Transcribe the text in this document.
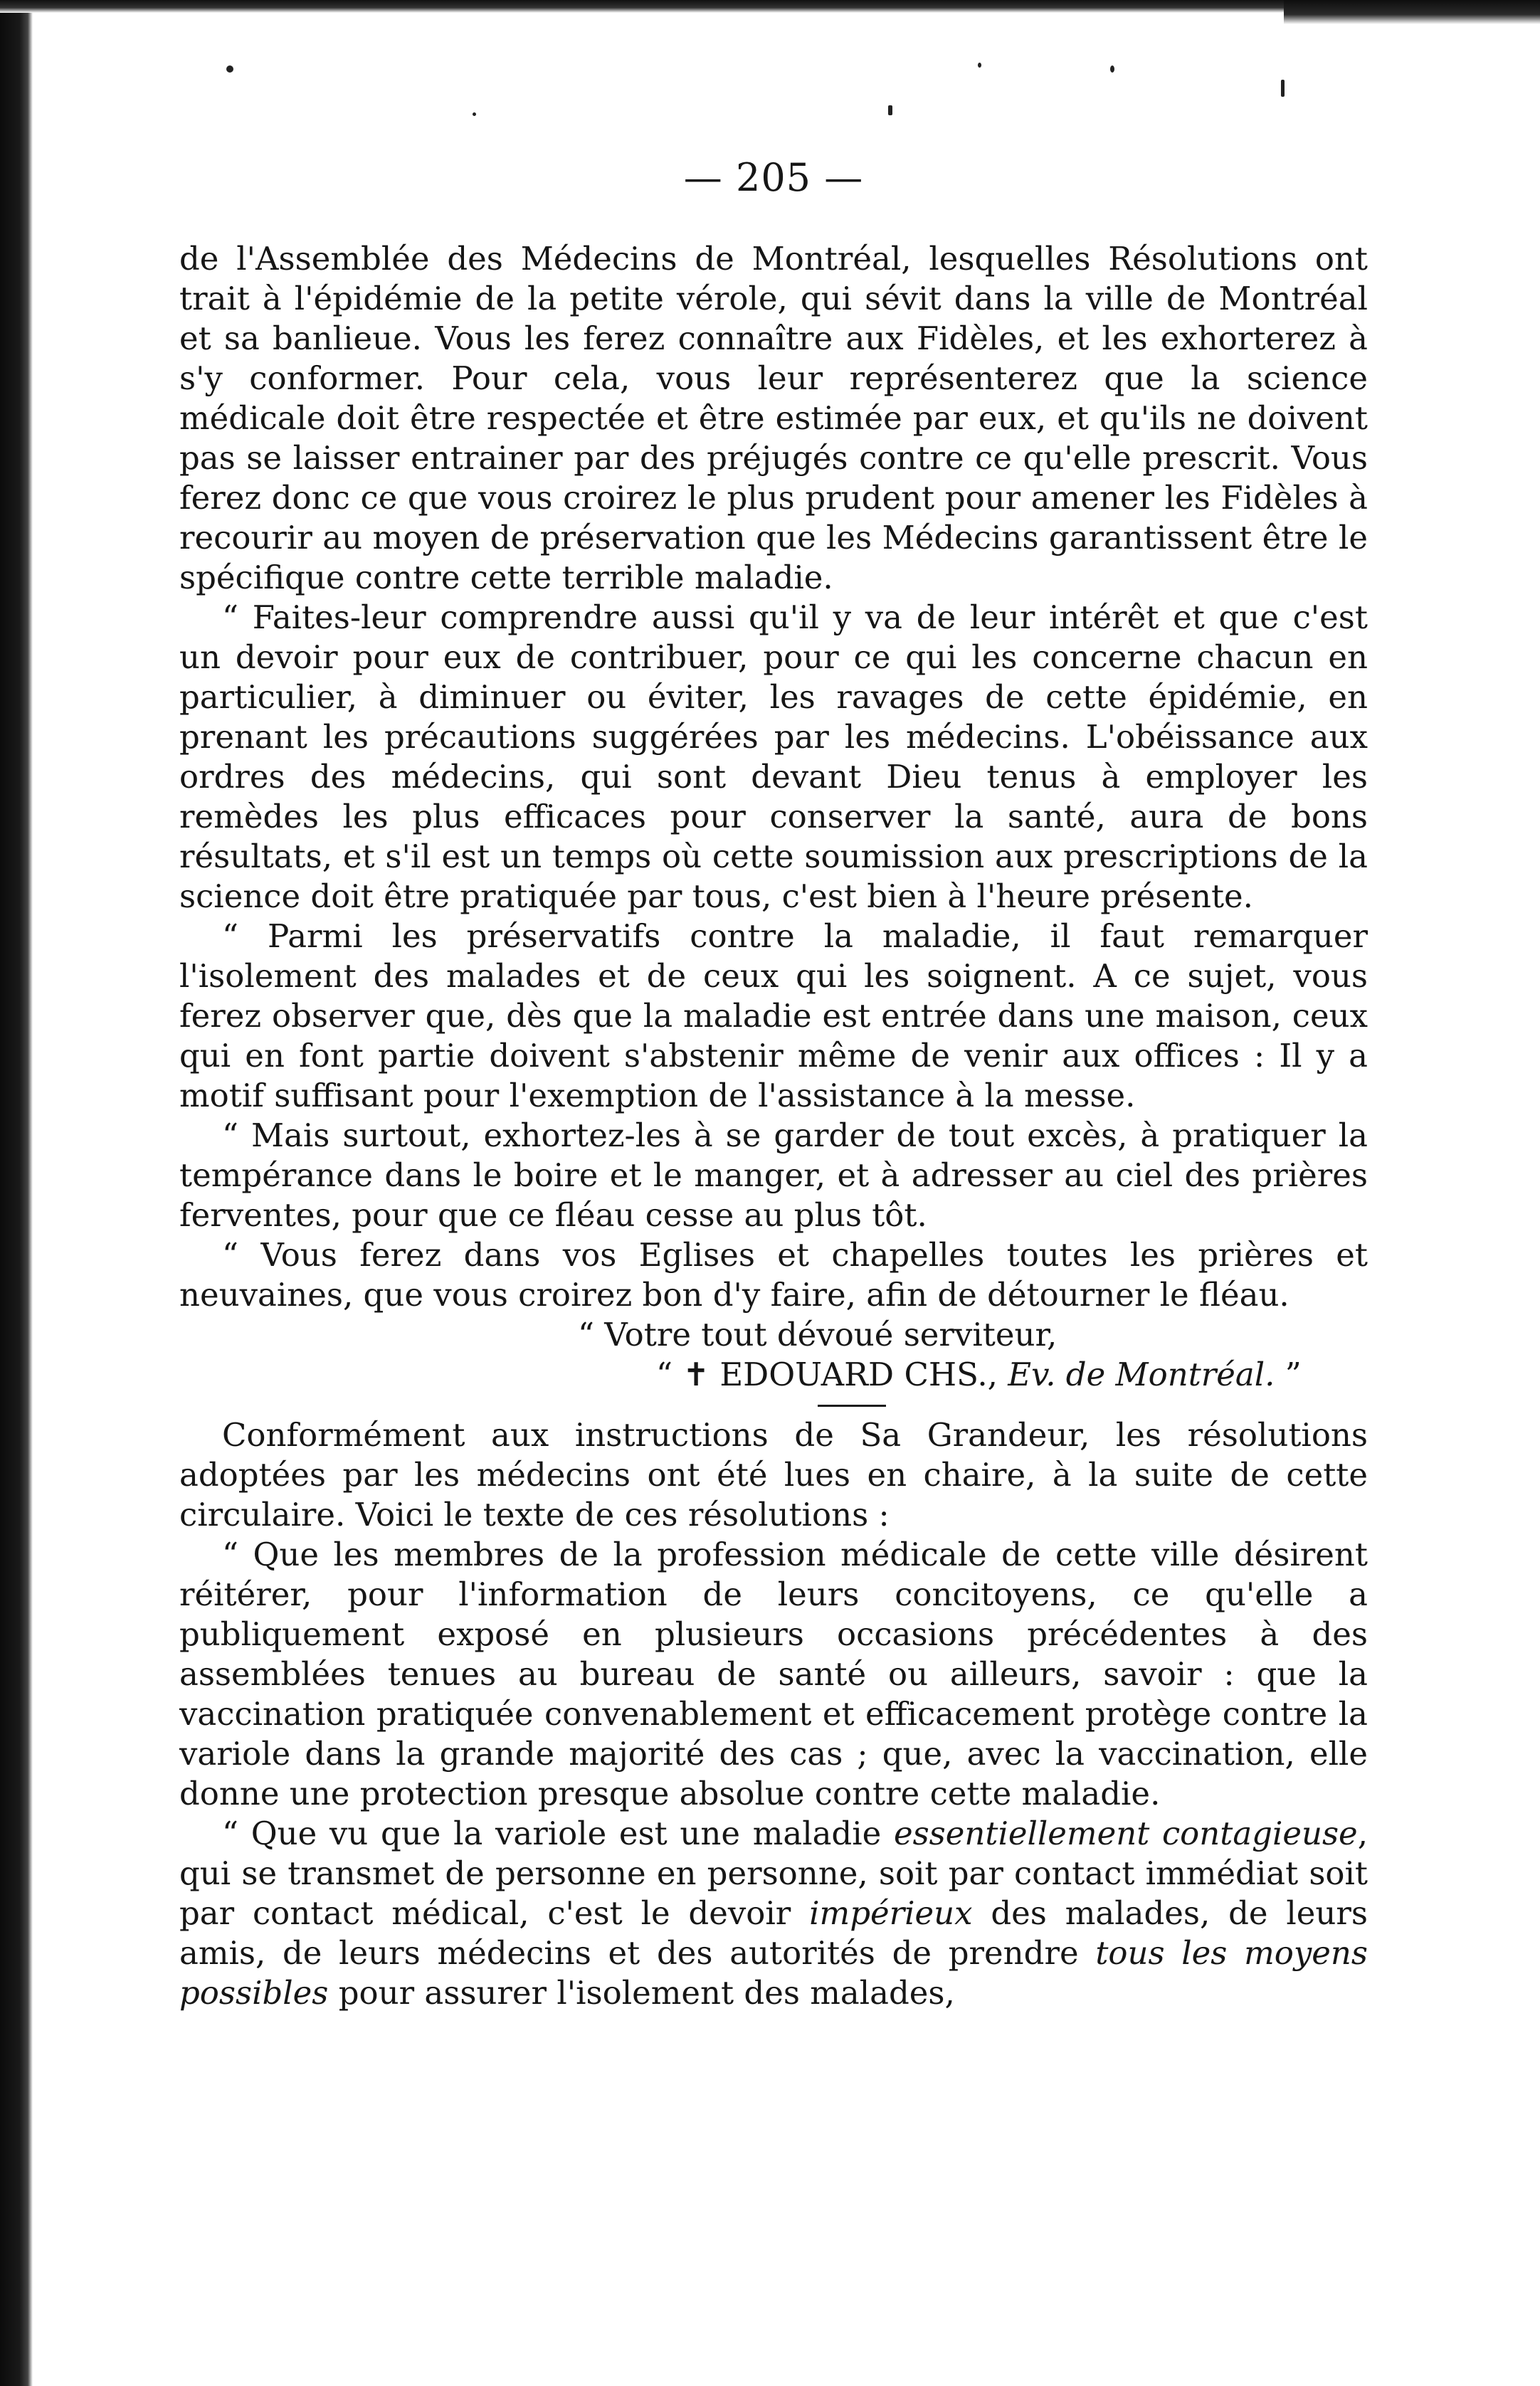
— 205 —

de l'Assemblée des Médecins de Montréal, lesquelles Résolutions ont trait à l'épidémie de la petite vérole, qui sévit dans la ville de Montréal et sa banlieue. Vous les ferez connaître aux Fidèles, et les exhorterez à s'y conformer. Pour cela, vous leur représenterez que la science médicale doit être respectée et être estimée par eux, et qu'ils ne doivent pas se laisser entrainer par des préjugés contre ce qu'elle prescrit. Vous ferez donc ce que vous croirez le plus prudent pour amener les Fidèles à recourir au moyen de préservation que les Médecins garantissent être le spécifique contre cette terrible maladie.

“ Faites-leur comprendre aussi qu'il y va de leur intérêt et que c'est un devoir pour eux de contribuer, pour ce qui les concerne chacun en particulier, à diminuer ou éviter, les ravages de cette épidémie, en prenant les précautions suggérées par les médecins. L'obéissance aux ordres des médecins, qui sont devant Dieu tenus à employer les remèdes les plus efficaces pour conserver la santé, aura de bons résultats, et s'il est un temps où cette soumission aux prescriptions de la science doit être pratiquée par tous, c'est bien à l'heure présente.

“ Parmi les préservatifs contre la maladie, il faut remarquer l'isolement des malades et de ceux qui les soignent. A ce sujet, vous ferez observer que, dès que la maladie est entrée dans une maison, ceux qui en font partie doivent s'abstenir même de venir aux offices : Il y a motif suffisant pour l'exemption de l'assistance à la messe.

“ Mais surtout, exhortez-les à se garder de tout excès, à pratiquer la tempérance dans le boire et le manger, et à adresser au ciel des prières ferventes, pour que ce fléau cesse au plus tôt.

“ Vous ferez dans vos Eglises et chapelles toutes les prières et neuvaines, que vous croirez bon d'y faire, afin de détourner le fléau.

“ Votre tout dévoué serviteur,

“ ✝ EDOUARD CHS., Ev. de Montréal. ”

Conformément aux instructions de Sa Grandeur, les résolutions adoptées par les médecins ont été lues en chaire, à la suite de cette circulaire. Voici le texte de ces résolutions :

“ Que les membres de la profession médicale de cette ville désirent réitérer, pour l'information de leurs concitoyens, ce qu'elle a publiquement exposé en plusieurs occasions précédentes à des assemblées tenues au bureau de santé ou ailleurs, savoir : que la vaccination pratiquée convenablement et efficacement protège contre la variole dans la grande majorité des cas ; que, avec la vaccination, elle donne une protection presque absolue contre cette maladie.

“ Que vu que la variole est une maladie essentiellement contagieuse, qui se transmet de personne en personne, soit par contact immédiat soit par contact médical, c'est le devoir impérieux des malades, de leurs amis, de leurs médecins et des autorités de prendre tous les moyens possibles pour assurer l'isolement des malades,
